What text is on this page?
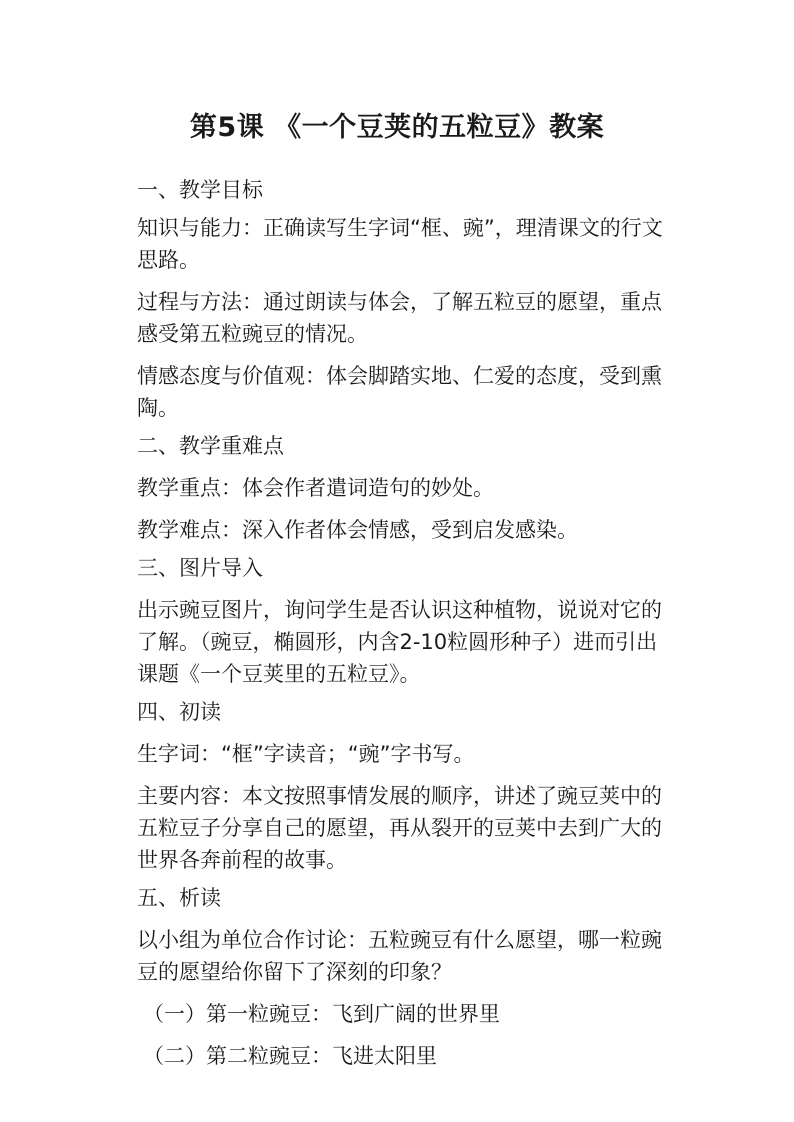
第5课 《一个豆荚的五粒豆》教案

一、教学目标

知识与能力：正确读写生字词“框、豌”，理清课文的行文

思路。

过程与方法：通过朗读与体会，了解五粒豆的愿望，重点

感受第五粒豌豆的情况。

情感态度与价值观：体会脚踏实地、仁爱的态度，受到熏

陶。

二、教学重难点

教学重点：体会作者遣词造句的妙处。

教学难点：深入作者体会情感，受到启发感染。

三、图片导入

出示豌豆图片，询问学生是否认识这种植物，说说对它的

了解。（豌豆，椭圆形，内含2-10粒圆形种子）进而引出

课题《一个豆荚里的五粒豆》。

四、初读

生字词：“框”字读音；“豌”字书写。

主要内容：本文按照事情发展的顺序，讲述了豌豆荚中的

五粒豆子分享自己的愿望，再从裂开的豆荚中去到广大的

世界各奔前程的故事。

五、析读

以小组为单位合作讨论：五粒豌豆有什么愿望，哪一粒豌

豆的愿望给你留下了深刻的印象？

（一）第一粒豌豆：飞到广阔的世界里

（二）第二粒豌豆：飞进太阳里
